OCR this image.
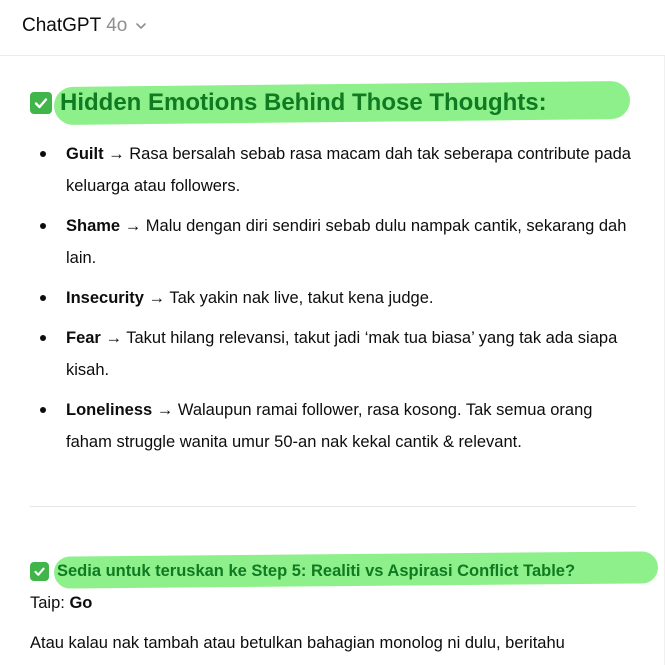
ChatGPT 4o
Hidden Emotions Behind Those Thoughts:
Guilt → Rasa bersalah sebab rasa macam dah tak seberapa contribute pada keluarga atau followers.
Shame → Malu dengan diri sendiri sebab dulu nampak cantik, sekarang dah lain.
Insecurity → Tak yakin nak live, takut kena judge.
Fear → Takut hilang relevansi, takut jadi ‘mak tua biasa’ yang tak ada siapa kisah.
Loneliness → Walaupun ramai follower, rasa kosong. Tak semua orang faham struggle wanita umur 50-an nak kekal cantik & relevant.
Sedia untuk teruskan ke Step 5: Realiti vs Aspirasi Conflict Table?
Taip: Go
Atau kalau nak tambah atau betulkan bahagian monolog ni dulu, beritahu
